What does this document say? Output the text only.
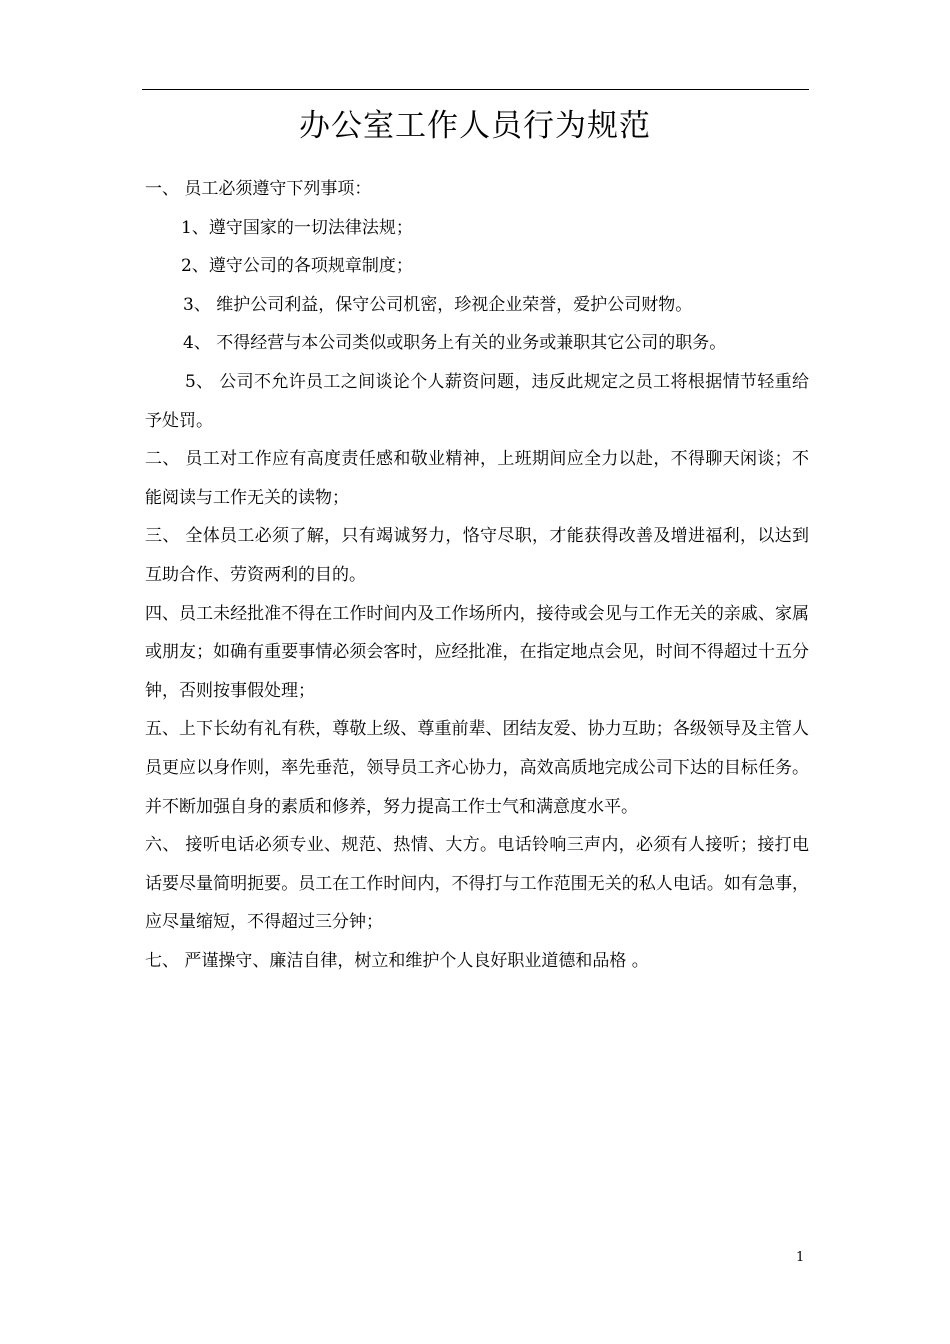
办公室工作人员行为规范

一、 员工必须遵守下列事项：

1、遵守国家的一切法律法规；

2、遵守公司的各项规章制度；

3、 维护公司利益，保守公司机密，珍视企业荣誉，爱护公司财物。

4、 不得经营与本公司类似或职务上有关的业务或兼职其它公司的职务。

5、 公司不允许员工之间谈论个人薪资问题，违反此规定之员工将根据情节轻重给予处罚。

二、 员工对工作应有高度责任感和敬业精神，上班期间应全力以赴，不得聊天闲谈；不能阅读与工作无关的读物；

三、 全体员工必须了解，只有竭诚努力，恪守尽职，才能获得改善及增进福利，以达到互助合作、劳资两利的目的。

四、员工未经批准不得在工作时间内及工作场所内，接待或会见与工作无关的亲戚、家属或朋友；如确有重要事情必须会客时，应经批准，在指定地点会见，时间不得超过十五分钟，否则按事假处理；

五、上下长幼有礼有秩，尊敬上级、尊重前辈、团结友爱、协力互助；各级领导及主管人员更应以身作则，率先垂范，领导员工齐心协力，高效高质地完成公司下达的目标任务。并不断加强自身的素质和修养，努力提高工作士气和满意度水平。

六、 接听电话必须专业、规范、热情、大方。电话铃响三声内，必须有人接听；接打电话要尽量简明扼要。员工在工作时间内，不得打与工作范围无关的私人电话。如有急事，应尽量缩短，不得超过三分钟；

七、 严谨操守、廉洁自律，树立和维护个人良好职业道德和品格 。

1
